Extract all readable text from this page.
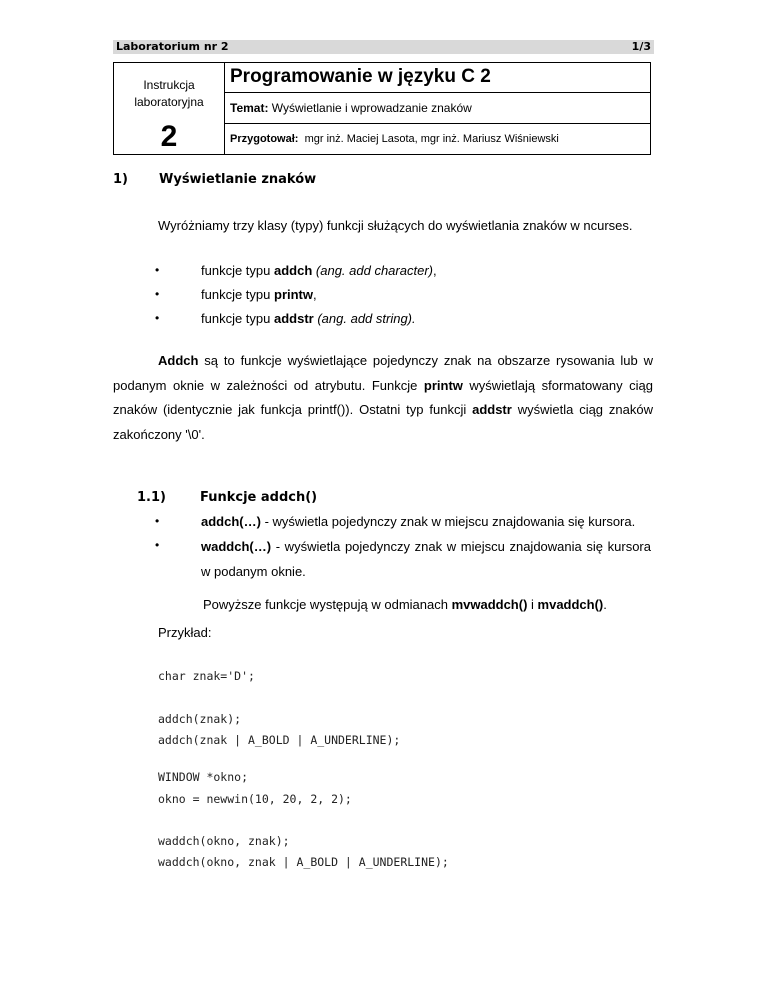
Laboratorium nr 2	1/3
Instrukcja
laboratoryjna
2
	Programowanie w języku C 2
Temat: Wyświetlanie i wprowadzanie znaków
Przygotował: mgr inż. Maciej Lasota, mgr inż. Mariusz Wiśniewski
1) Wyświetlanie znaków
Wyróżniamy trzy klasy (typy) funkcji służących do wyświetlania znaków w ncurses.
•	funkcje typu addch (ang. add character),
•	funkcje typu printw,
•	funkcje typu addstr (ang. add string).
Addch są to funkcje wyświetlające pojedynczy znak na obszarze rysowania lub w podanym oknie w zależności od atrybutu. Funkcje printw wyświetlają sformatowany ciąg znaków (identycznie jak funkcja printf()). Ostatni typ funkcji addstr wyświetla ciąg znaków zakończony '\0'.
1.1)	Funkcje addch()
•	addch(…) - wyświetla pojedynczy znak w miejscu znajdowania się kursora.
•	waddch(…) - wyświetla pojedynczy znak w miejscu znajdowania się kursora w podanym oknie.
Powyższe funkcje występują w odmianach mvwaddch() i mvaddch().
Przykład:
char znak='D';
addch(znak);
addch(znak | A_BOLD | A_UNDERLINE);
WINDOW *okno;
okno = newwin(10, 20, 2, 2);
waddch(okno, znak);
waddch(okno, znak | A_BOLD | A_UNDERLINE);
